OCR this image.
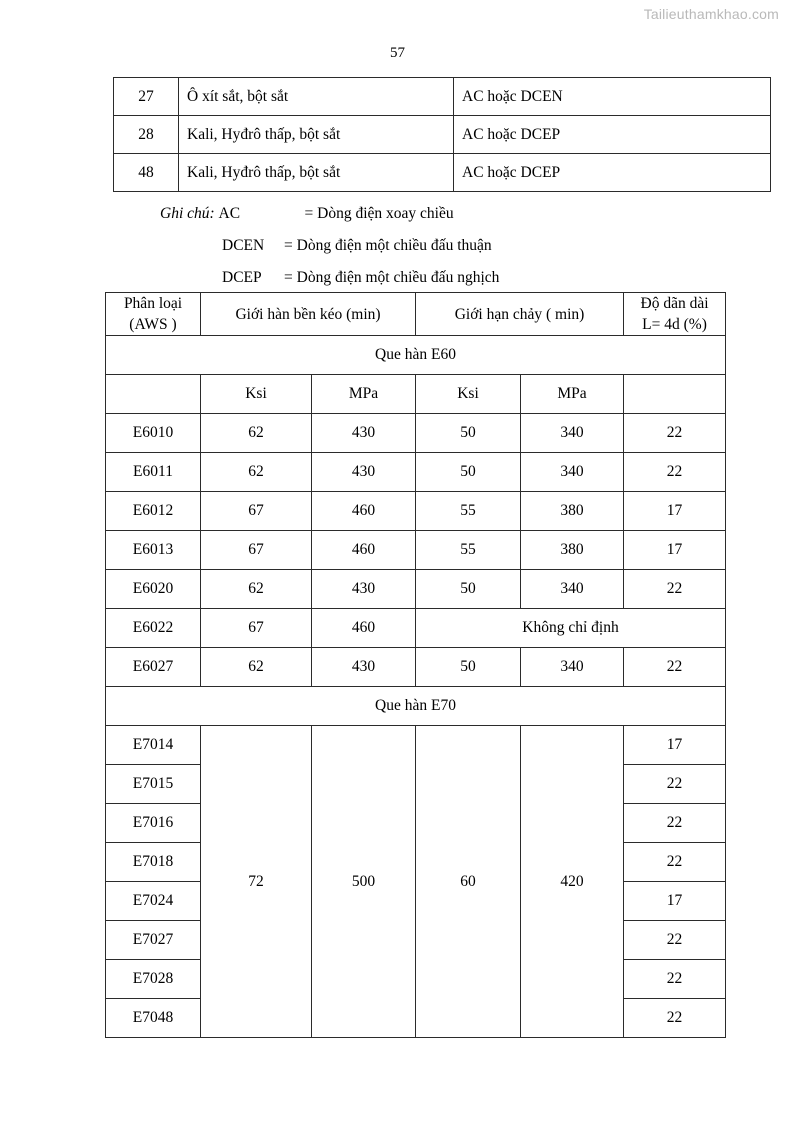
Tailieuthamkhao.com
57
27	Ô xít sắt, bột sắt	AC hoặc DCEN
28	Kali, Hyđrô thấp, bột sắt	AC hoặc DCEP
48	Kali, Hyđrô thấp, bột sắt	AC hoặc DCEP
Ghi chú: AC	= Dòng điện xoay chiều
DCEN = Dòng điện một chiều đấu thuận
DCEP = Dòng điện một chiều đấu nghịch
Phân loại
(AWS )	Giới hàn bền kéo (min)		Giới hạn chảy ( min)		Độ dãn dài
L= 4d (%)

Que hàn E60					
	Ksi	MPa	Ksi	MPa	
E6010	62	430	50	340	22
E6011	62	430	50	340	22
E6012	67	460	55	380	17
E6013	67	460	55	380	17
E6020	62	430	50	340	22
E6022	67	460	Không chỉ định		
E6027	62	430	50	340	22
Que hàn E70					
E7014	72	500	60	420	17
E7015					22
E7016					22
E7018					22
E7024					17
E7027					22
E7028					22
E7048					22
